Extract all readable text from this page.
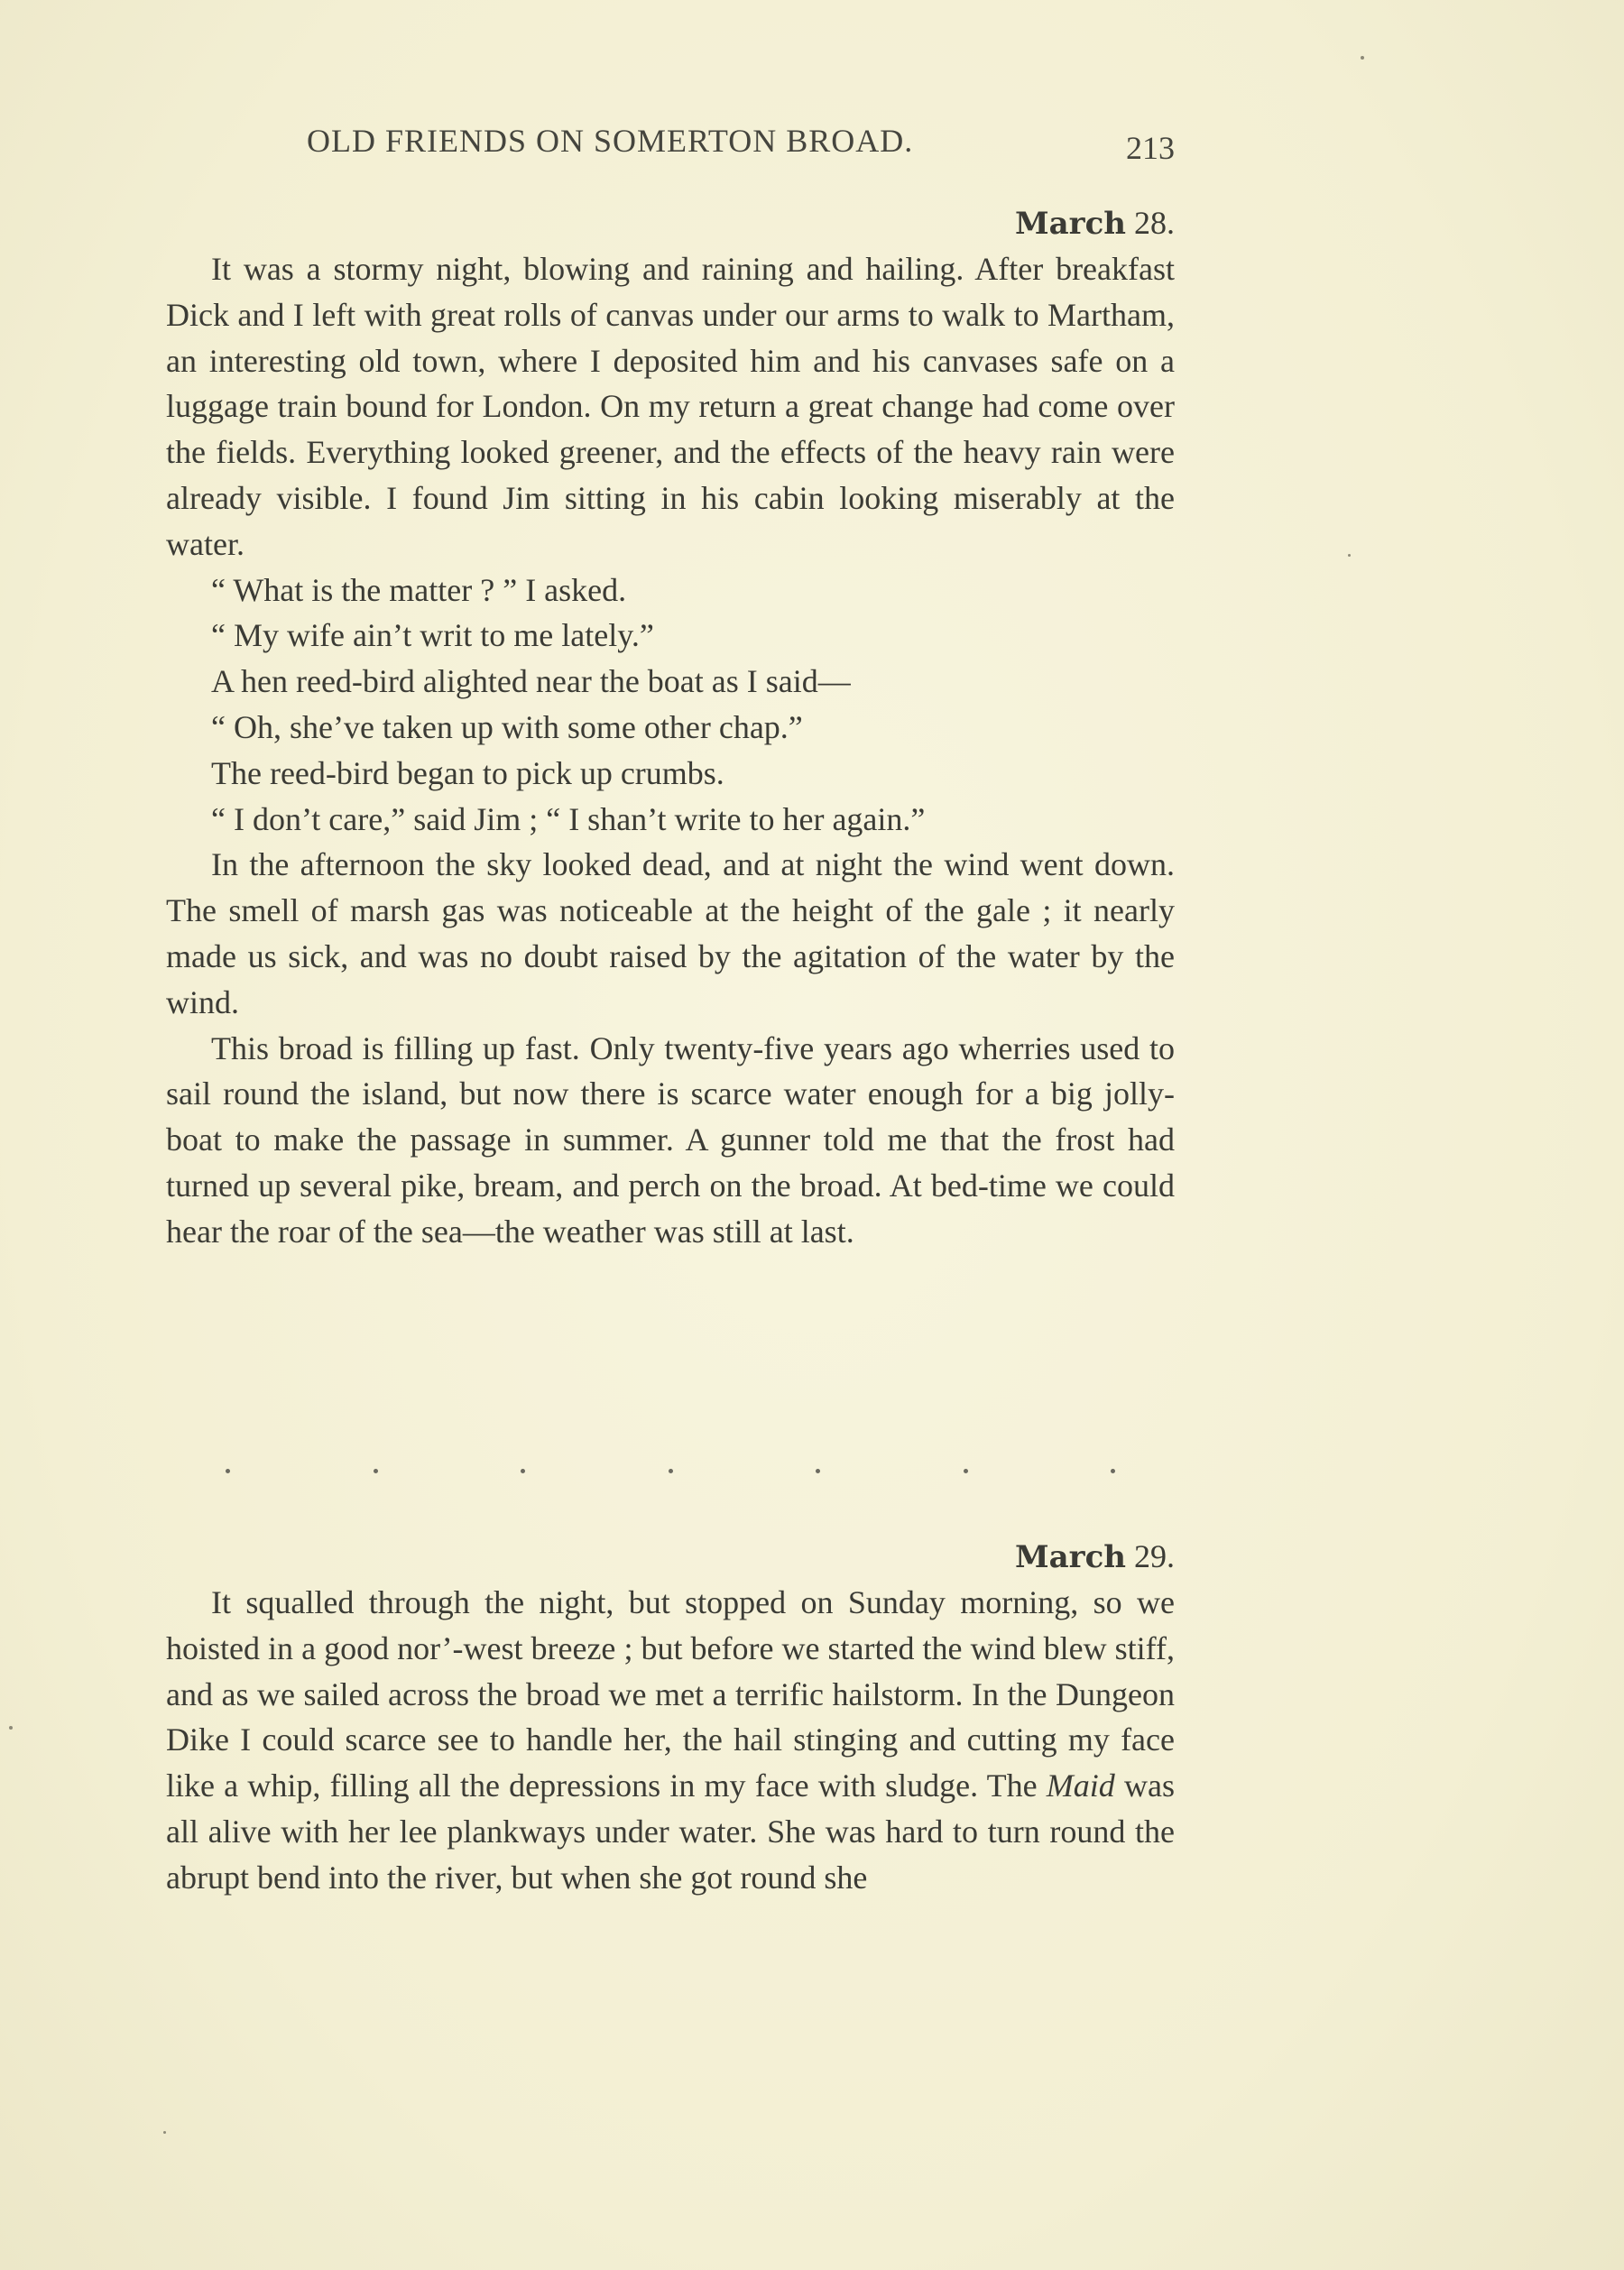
OLD FRIENDS ON SOMERTON BROAD.	213
March 28.

It was a stormy night, blowing and raining and hailing. After breakfast Dick and I left with great rolls of canvas under our arms to walk to Martham, an interesting old town, where I deposited him and his canvases safe on a luggage train bound for London. On my return a great change had come over the fields. Everything looked greener, and the effects of the heavy rain were already visible. I found Jim sitting in his cabin looking miserably at the water.

“ What is the matter ? ” I asked.

“ My wife ain’t writ to me lately.”

A hen reed-bird alighted near the boat as I said—

“ Oh, she’ve taken up with some other chap.”

The reed-bird began to pick up crumbs.

“ I don’t care,” said Jim ; “ I shan’t write to her again.”

In the afternoon the sky looked dead, and at night the wind went down. The smell of marsh gas was noticeable at the height of the gale ; it nearly made us sick, and was no doubt raised by the agitation of the water by the wind.

This broad is filling up fast. Only twenty-five years ago wherries used to sail round the island, but now there is scarce water enough for a big jolly-boat to make the passage in summer. A gunner told me that the frost had turned up several pike, bream, and perch on the broad. At bed-time we could hear the roar of the sea—the weather was still at last.

March 29.

It squalled through the night, but stopped on Sunday morning, so we hoisted in a good nor’-west breeze ; but before we started the wind blew stiff, and as we sailed across the broad we met a terrific hailstorm. In the Dungeon Dike I could scarce see to handle her, the hail stinging and cutting my face like a whip, filling all the depressions in my face with sludge. The Maid was all alive with her lee plankways under water. She was hard to turn round the abrupt bend into the river, but when she got round she
